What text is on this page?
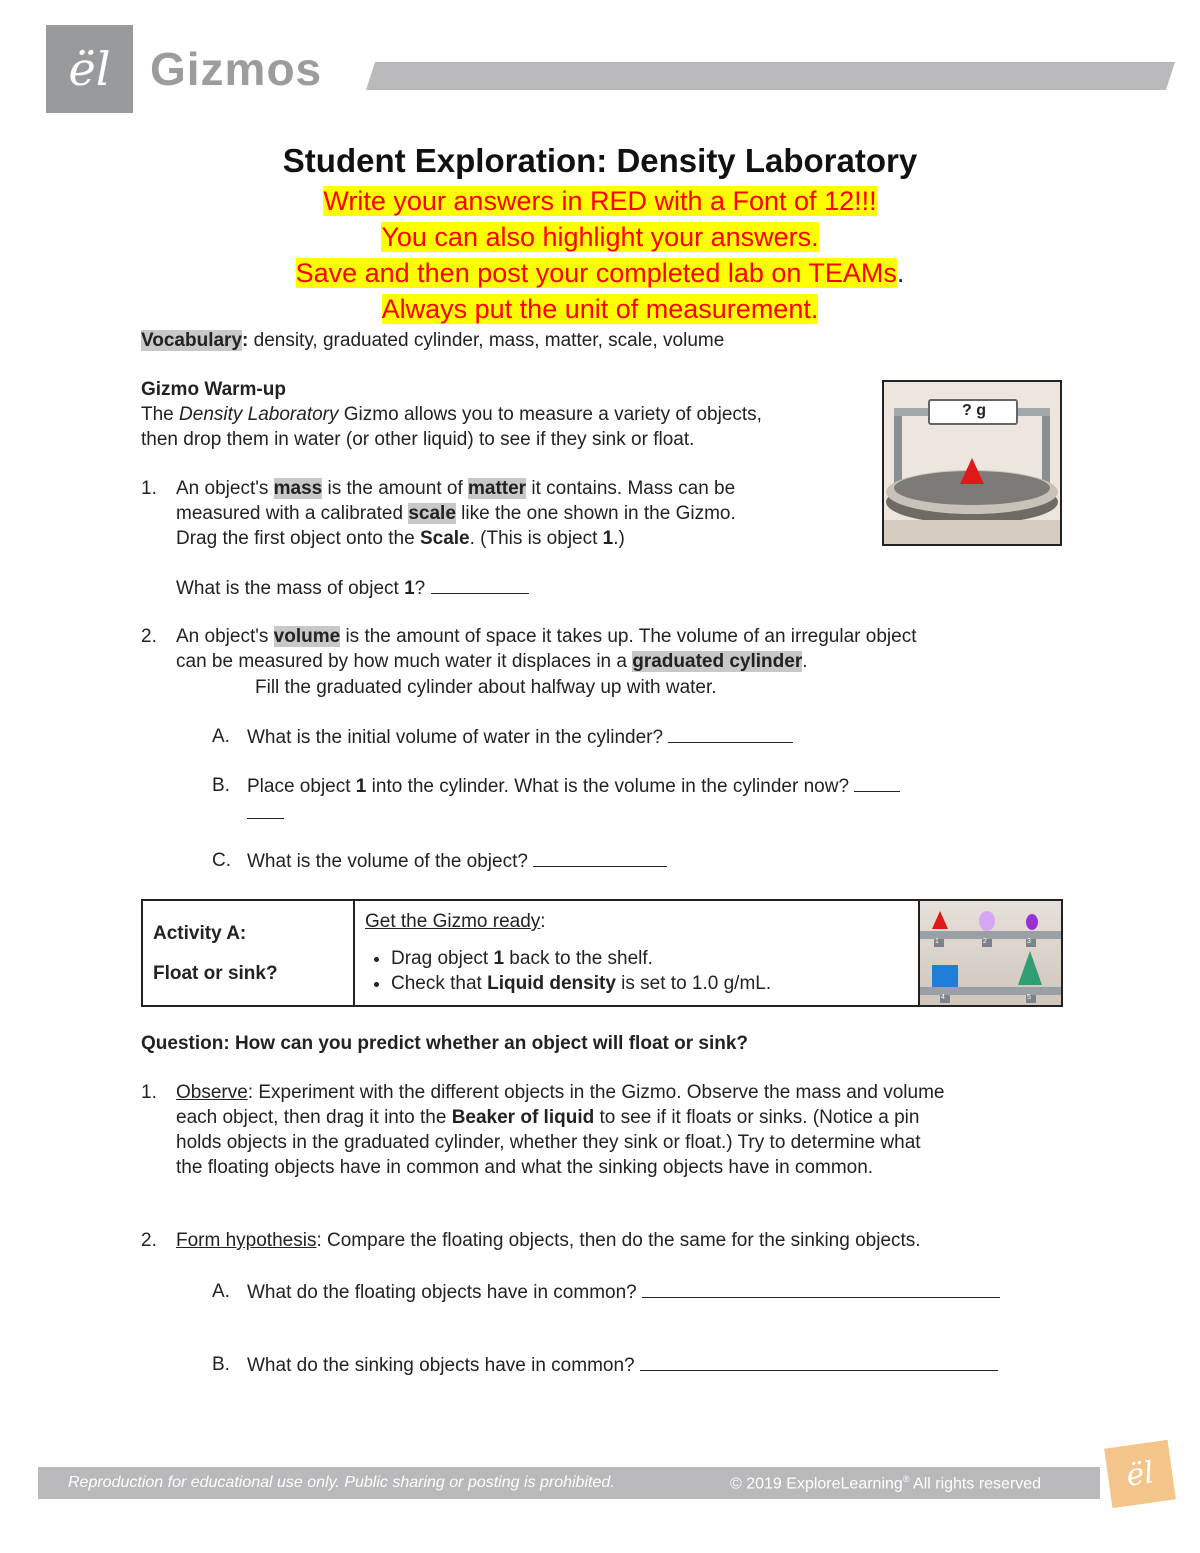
ël Gizmos
Student Exploration: Density Laboratory
Write your answers in RED with a Font of 12!!!
You can also highlight your answers.
Save and then post your completed lab on TEAMs.
Always put the unit of measurement.
Vocabulary: density, graduated cylinder, mass, matter, scale, volume
Gizmo Warm-up
The Density Laboratory Gizmo allows you to measure a variety of objects,
then drop them in water (or other liquid) to see if they sink or float.
? g
1. An object's mass is the amount of matter it contains. Mass can be
measured with a calibrated scale like the one shown in the Gizmo.
Drag the first object onto the Scale. (This is object 1.)
What is the mass of object 1?
2. An object's volume is the amount of space it takes up. The volume of an irregular object
can be measured by how much water it displaces in a graduated cylinder.
Fill the graduated cylinder about halfway up with water.
A. What is the initial volume of water in the cylinder?
B. Place object 1 into the cylinder. What is the volume in the cylinder now?
C. What is the volume of the object?
Activity A:
Float or sink?
Get the Gizmo ready:
• Drag object 1 back to the shelf.
• Check that Liquid density is set to 1.0 g/mL.
1	2	3
4	5
Question: How can you predict whether an object will float or sink?
1. Observe: Experiment with the different objects in the Gizmo. Observe the mass and volume
each object, then drag it into the Beaker of liquid to see if it floats or sinks. (Notice a pin
holds objects in the graduated cylinder, whether they sink or float.) Try to determine what
the floating objects have in common and what the sinking objects have in common.
2. Form hypothesis: Compare the floating objects, then do the same for the sinking objects.
A. What do the floating objects have in common?
B. What do the sinking objects have in common?
Reproduction for educational use only. Public sharing or posting is prohibited.	© 2019 ExploreLearning® All rights reserved	ël
